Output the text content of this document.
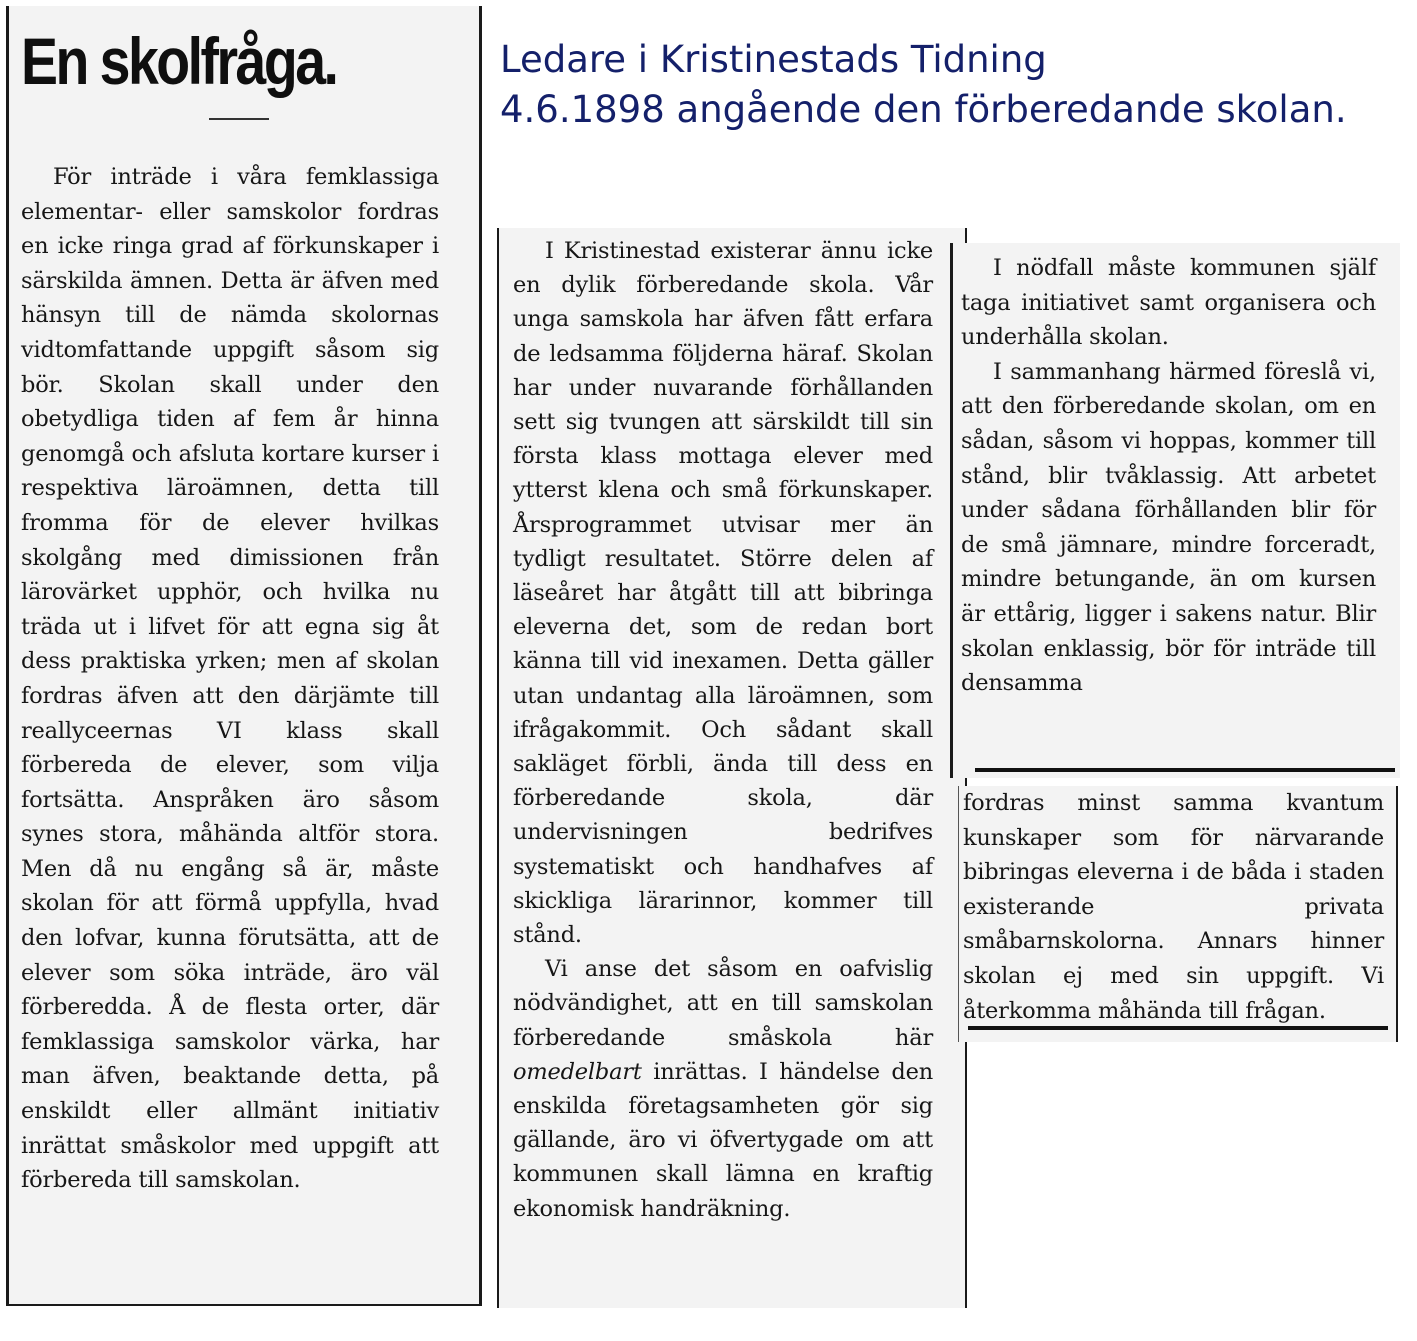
Ledare i Kristinestads Tidning

4.6.1898 angående den förberedande skolan.

En skolfråga.

För inträde i våra femklassiga elementar- eller samskolor fordras en icke ringa grad af förkunskaper i särskilda ämnen. Detta är äfven med hänsyn till de nämda skolornas vidtomfattande uppgift såsom sig bör. Skolan skall under den obetydliga tiden af fem år hinna genomgå och afsluta kortare kurser i respektiva läroämnen, detta till fromma för de elever hvilkas skolgång med dimissionen från lärovärket upphör, och hvilka nu träda ut i lifvet för att egna sig åt dess praktiska yrken; men af skolan fordras äfven att den därjämte till reallyceernas VI klass skall förbereda de elever, som vilja fortsätta. Anspråken äro såsom synes stora, måhända altför stora. Men då nu engång så är, måste skolan för att förmå uppfylla, hvad den lofvar, kunna förutsätta, att de elever som söka inträde, äro väl förberedda. Å de flesta orter, där femklassiga samskolor värka, har man äfven, beaktande detta, på enskildt eller allmänt initiativ inrättat småskolor med uppgift att förbereda till samskolan.

I Kristinestad existerar ännu icke en dylik förberedande skola. Vår unga samskola har äfven fått erfara de ledsamma följderna häraf. Skolan har under nuvarande förhållanden sett sig tvungen att särskildt till sin första klass mottaga elever med ytterst klena och små förkunskaper. Årsprogrammet utvisar mer än tydligt resultatet. Större delen af läseåret har åtgått till att bibringa eleverna det, som de redan bort känna till vid inexamen. Detta gäller utan undantag alla läroämnen, som ifrågakommit. Och sådant skall sakläget förbli, ända till dess en förberedande skola, där undervisningen bedrifves systematiskt och handhafves af skickliga lärarinnor, kommer till stånd.

Vi anse det såsom en oafvislig nödvändighet, att en till samskolan förberedande småskola här omedelbart inrättas. I händelse den enskilda företagsamheten gör sig gällande, äro vi öfvertygade om att kommunen skall lämna en kraftig ekonomisk handräkning.

I nödfall måste kommunen själf taga initiativet samt organisera och underhålla skolan.

I sammanhang härmed föreslå vi, att den förberedande skolan, om en sådan, såsom vi hoppas, kommer till stånd, blir tvåklassig. Att arbetet under sådana förhållanden blir för de små jämnare, mindre forceradt, mindre betungande, än om kursen är ettårig, ligger i sakens natur. Blir skolan enklassig, bör för inträde till densamma

fordras minst samma kvantum kunskaper som för närvarande bibringas eleverna i de båda i staden existerande privata småbarnskolorna. Annars hinner skolan ej med sin uppgift. Vi återkomma måhända till frågan.
